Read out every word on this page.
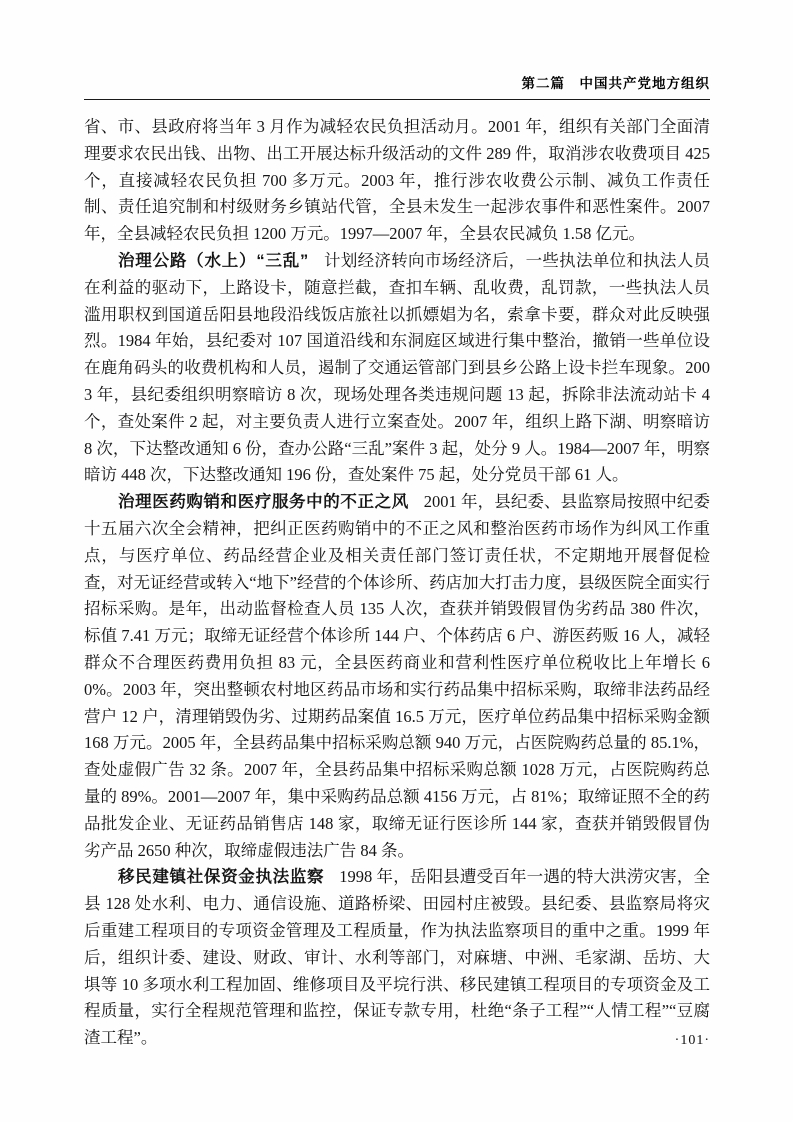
第二篇　中国共产党地方组织

省、市、县政府将当年 3 月作为减轻农民负担活动月。2001 年，组织有关部门全面清理要求农民出钱、出物、出工开展达标升级活动的文件 289 件，取消涉农收费项目 425 个，直接减轻农民负担 700 多万元。2003 年，推行涉农收费公示制、减负工作责任制、责任追究制和村级财务乡镇站代管，全县未发生一起涉农事件和恶性案件。2007 年，全县减轻农民负担 1200 万元。1997—2007 年，全县农民减负 1.58 亿元。

治理公路（水上）“三乱” 计划经济转向市场经济后，一些执法单位和执法人员在利益的驱动下，上路设卡，随意拦截，查扣车辆、乱收费，乱罚款，一些执法人员滥用职权到国道岳阳县地段沿线饭店旅社以抓嫖娼为名，索拿卡要，群众对此反映强烈。1984 年始，县纪委对 107 国道沿线和东洞庭区域进行集中整治，撤销一些单位设在鹿角码头的收费机构和人员，遏制了交通运管部门到县乡公路上设卡拦车现象。2003 年，县纪委组织明察暗访 8 次，现场处理各类违规问题 13 起，拆除非法流动站卡 4 个，查处案件 2 起，对主要负责人进行立案查处。2007 年，组织上路下湖、明察暗访 8 次，下达整改通知 6 份，查办公路“三乱”案件 3 起，处分 9 人。1984—2007 年，明察暗访 448 次，下达整改通知 196 份，查处案件 75 起，处分党员干部 61 人。

治理医药购销和医疗服务中的不正之风 2001 年，县纪委、县监察局按照中纪委十五届六次全会精神，把纠正医药购销中的不正之风和整治医药市场作为纠风工作重点，与医疗单位、药品经营企业及相关责任部门签订责任状，不定期地开展督促检查，对无证经营或转入“地下”经营的个体诊所、药店加大打击力度，县级医院全面实行招标采购。是年，出动监督检查人员 135 人次，查获并销毁假冒伪劣药品 380 件次，标值 7.41 万元；取缔无证经营个体诊所 144 户、个体药店 6 户、游医药贩 16 人，减轻群众不合理医药费用负担 83 元，全县医药商业和营利性医疗单位税收比上年增长 60%。2003 年，突出整顿农村地区药品市场和实行药品集中招标采购，取缔非法药品经营户 12 户，清理销毁伪劣、过期药品案值 16.5 万元，医疗单位药品集中招标采购金额 168 万元。2005 年，全县药品集中招标采购总额 940 万元，占医院购药总量的 85.1%，查处虚假广告 32 条。2007 年，全县药品集中招标采购总额 1028 万元，占医院购药总量的 89%。2001—2007 年，集中采购药品总额 4156 万元，占 81%；取缔证照不全的药品批发企业、无证药品销售店 148 家，取缔无证行医诊所 144 家，查获并销毁假冒伪劣产品 2650 种次，取缔虚假违法广告 84 条。

移民建镇社保资金执法监察 1998 年，岳阳县遭受百年一遇的特大洪涝灾害，全县 128 处水利、电力、通信设施、道路桥梁、田园村庄被毁。县纪委、县监察局将灾后重建工程项目的专项资金管理及工程质量，作为执法监察项目的重中之重。1999 年后，组织计委、建设、财政、审计、水利等部门，对麻塘、中洲、毛家湖、岳坊、大埧等 10 多项水利工程加固、维修项目及平垸行洪、移民建镇工程项目的专项资金及工程质量，实行全程规范管理和监控，保证专款专用，杜绝“条子工程”“人情工程”“豆腐渣工程”。	·101·
